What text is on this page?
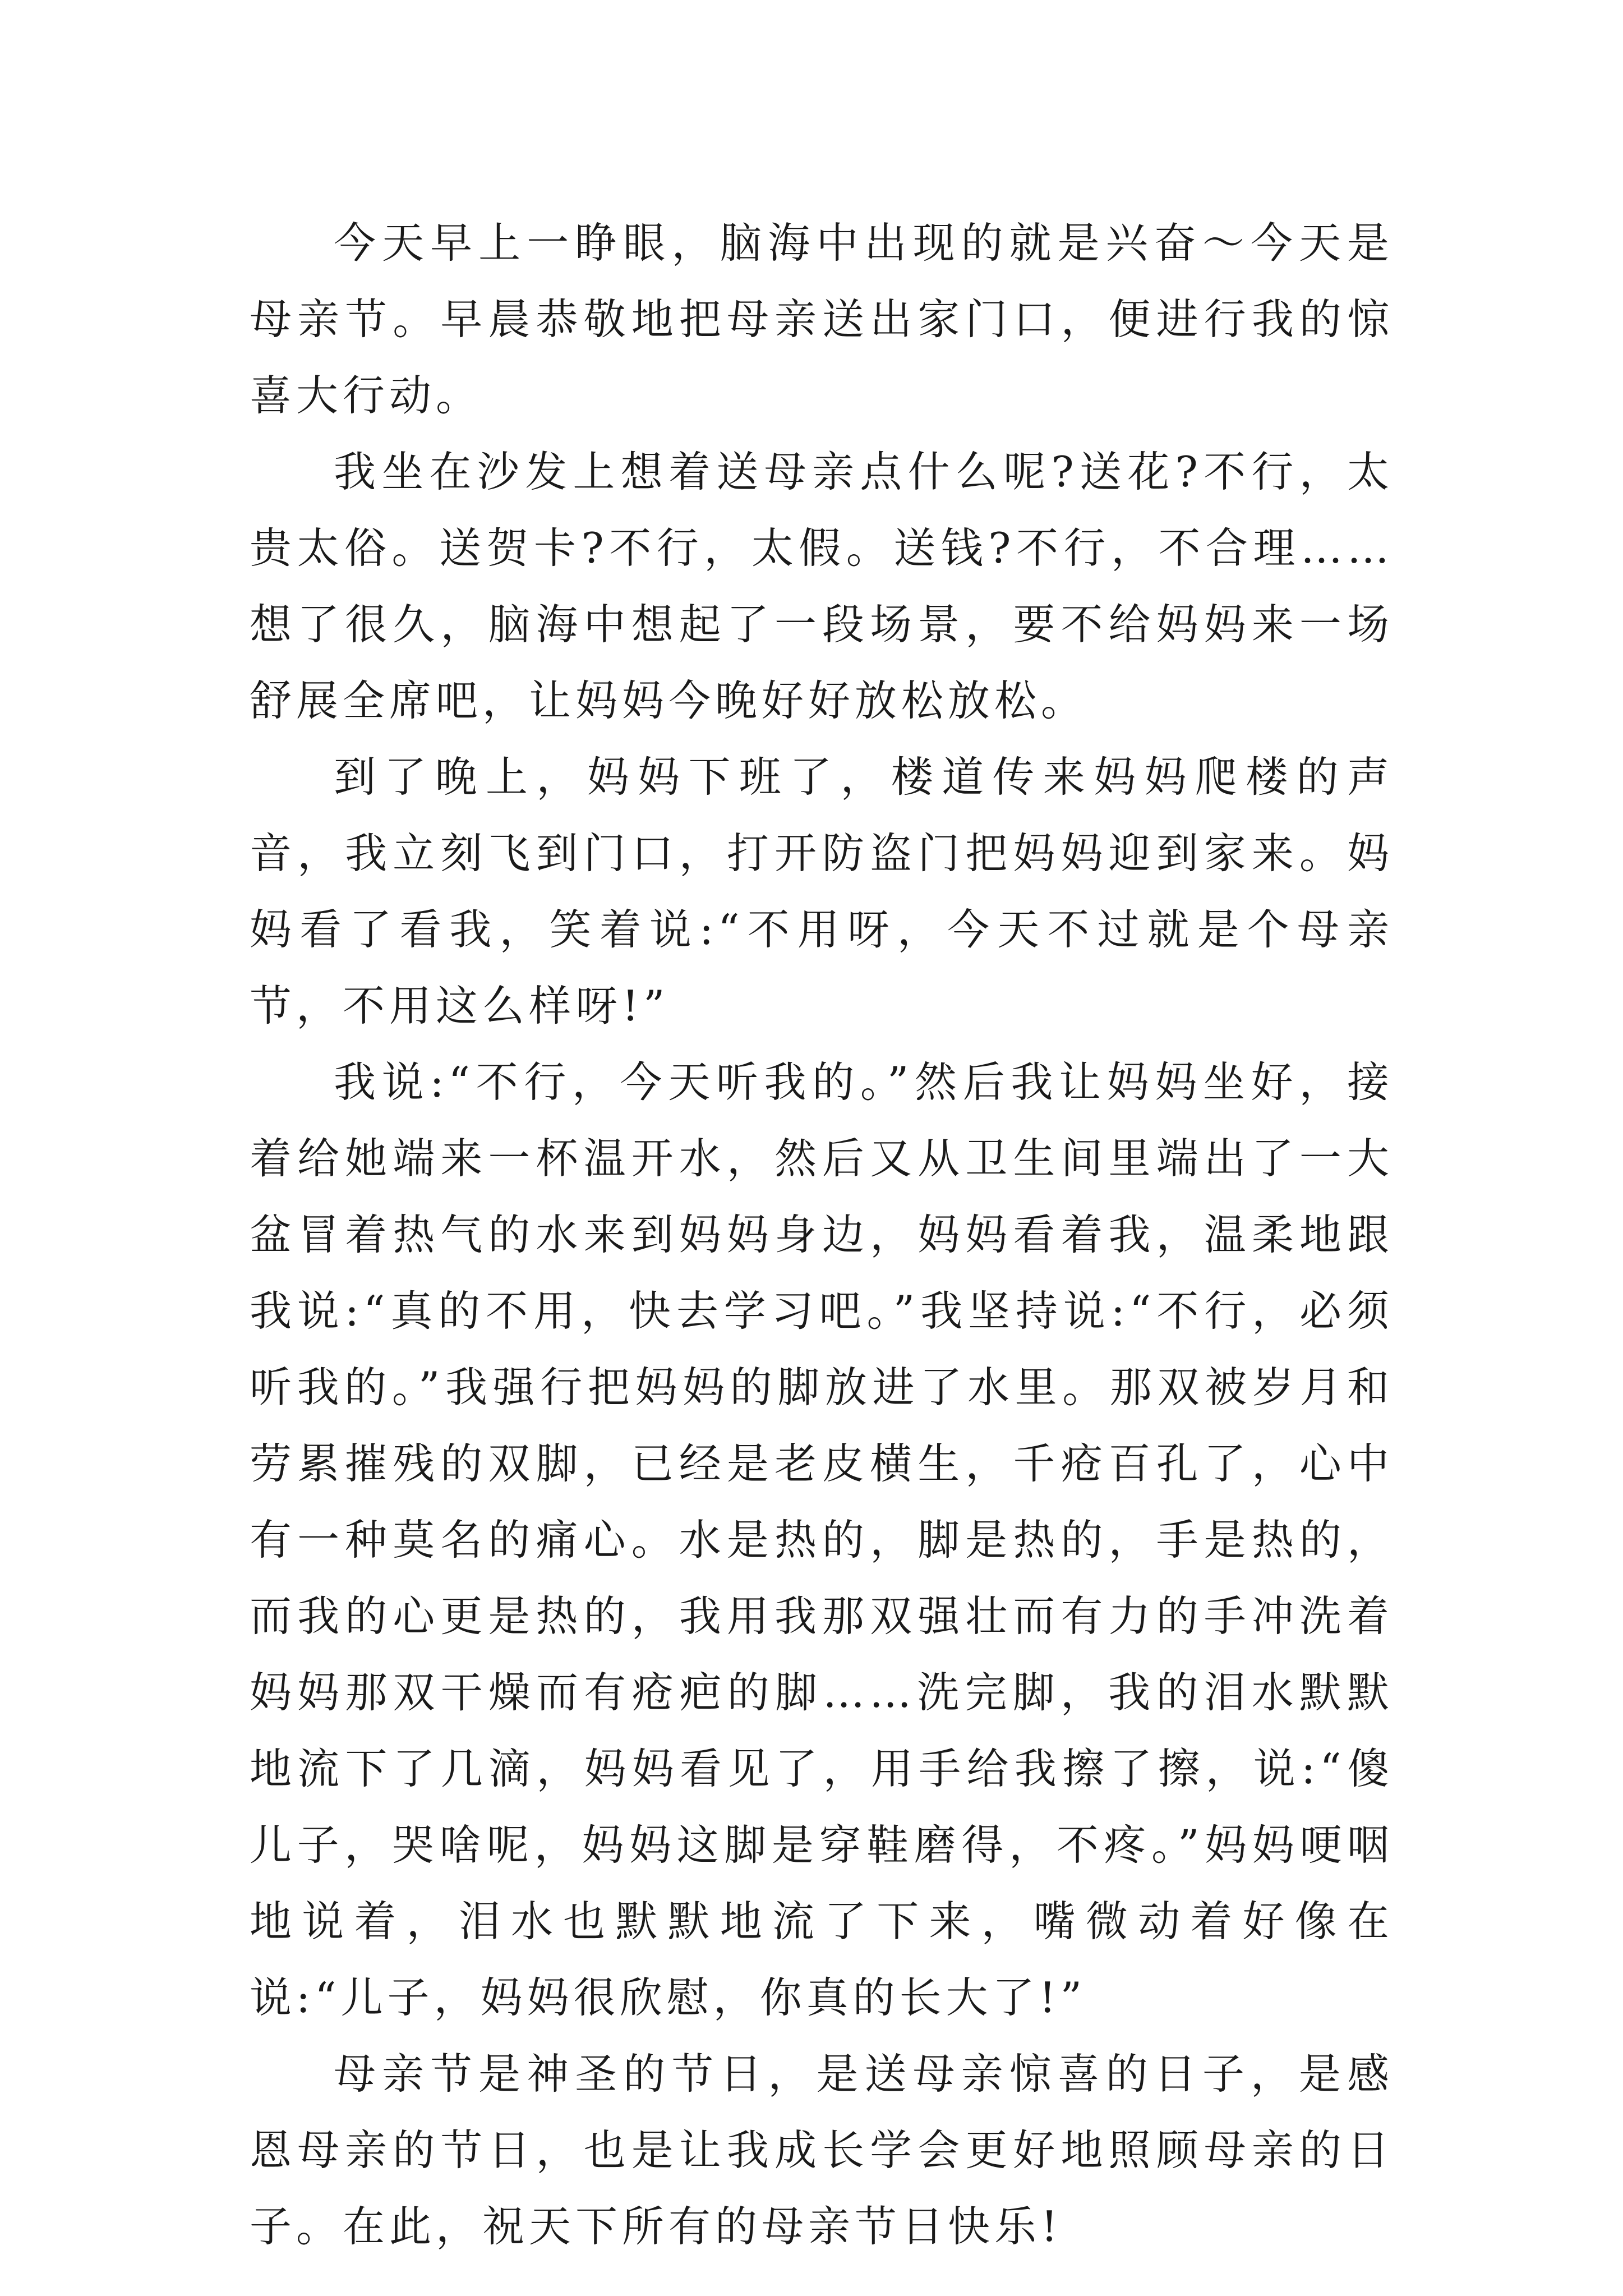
今天早上一睁眼，脑海中出现的就是兴奋～今天是母亲节。早晨恭敬地把母亲送出家门口，便进行我的惊喜大行动。

我坐在沙发上想着送母亲点什么呢?送花?不行，太贵太俗。送贺卡?不行，太假。送钱?不行，不合理……想了很久，脑海中想起了一段场景，要不给妈妈来一场舒展全席吧，让妈妈今晚好好放松放松。

到了晚上，妈妈下班了，楼道传来妈妈爬楼的声音，我立刻飞到门口，打开防盗门把妈妈迎到家来。妈妈看了看我，笑着说:“不用呀，今天不过就是个母亲节，不用这么样呀!”

我说:“不行，今天听我的。”然后我让妈妈坐好，接着给她端来一杯温开水，然后又从卫生间里端出了一大盆冒着热气的水来到妈妈身边，妈妈看着我，温柔地跟我说:“真的不用，快去学习吧。”我坚持说:“不行，必须听我的。”我强行把妈妈的脚放进了水里。那双被岁月和劳累摧残的双脚，已经是老皮横生，千疮百孔了，心中有一种莫名的痛心。水是热的，脚是热的，手是热的，而我的心更是热的，我用我那双强壮而有力的手冲洗着妈妈那双干燥而有疮疤的脚……洗完脚，我的泪水默默地流下了几滴，妈妈看见了，用手给我擦了擦，说:“傻儿子，哭啥呢，妈妈这脚是穿鞋磨得，不疼。”妈妈哽咽地说着，泪水也默默地流了下来，嘴微动着好像在说:“儿子，妈妈很欣慰，你真的长大了!”

母亲节是神圣的节日，是送母亲惊喜的日子，是感恩母亲的节日，也是让我成长学会更好地照顾母亲的日子。在此，祝天下所有的母亲节日快乐!
